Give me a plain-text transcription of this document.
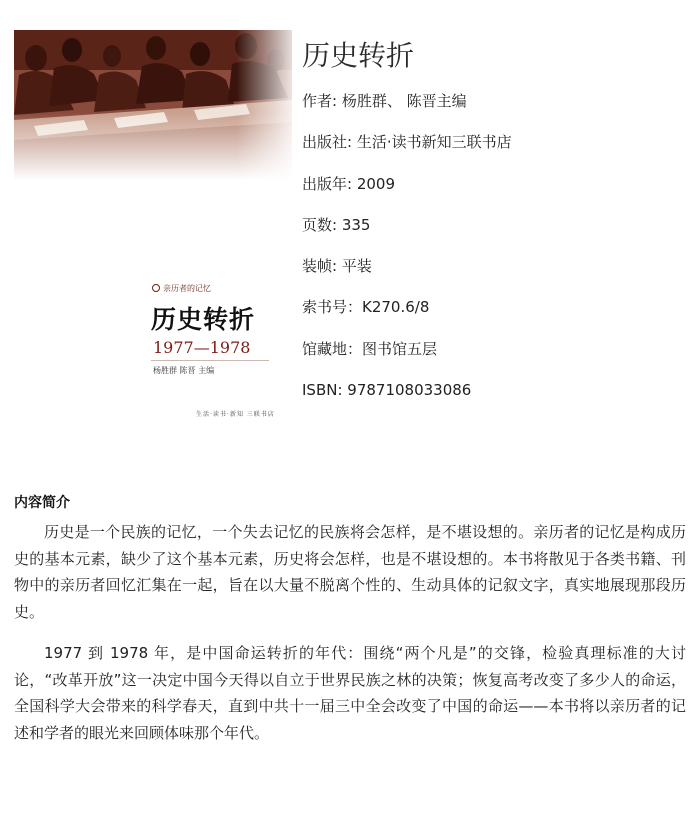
亲历者的记忆
历史转折
1977—1978
杨胜群 陈晋 主编
生活·读书·新知 三联书店
历史转折
作者: 杨胜群、 陈晋主编
出版社: 生活·读书新知三联书店
出版年: 2009
页数: 335
装帧: 平装
索书号：K270.6/8
馆藏地：图书馆五层
ISBN: 9787108033086
内容简介

历史是一个民族的记忆，一个失去记忆的民族将会怎样，是不堪设想的。亲历者的记忆是构成历史的基本元素，缺少了这个基本元素，历史将会怎样，也是不堪设想的。本书将散见于各类书籍、刊物中的亲历者回忆汇集在一起，旨在以大量不脱离个性的、生动具体的记叙文字，真实地展现那段历史。

1977 到 1978 年，是中国命运转折的年代：围绕“两个凡是”的交锋，检验真理标准的大讨论，“改革开放”这一决定中国今天得以自立于世界民族之林的决策；恢复高考改变了多少人的命运，全国科学大会带来的科学春天，直到中共十一届三中全会改变了中国的命运——本书将以亲历者的记述和学者的眼光来回顾体味那个年代。
